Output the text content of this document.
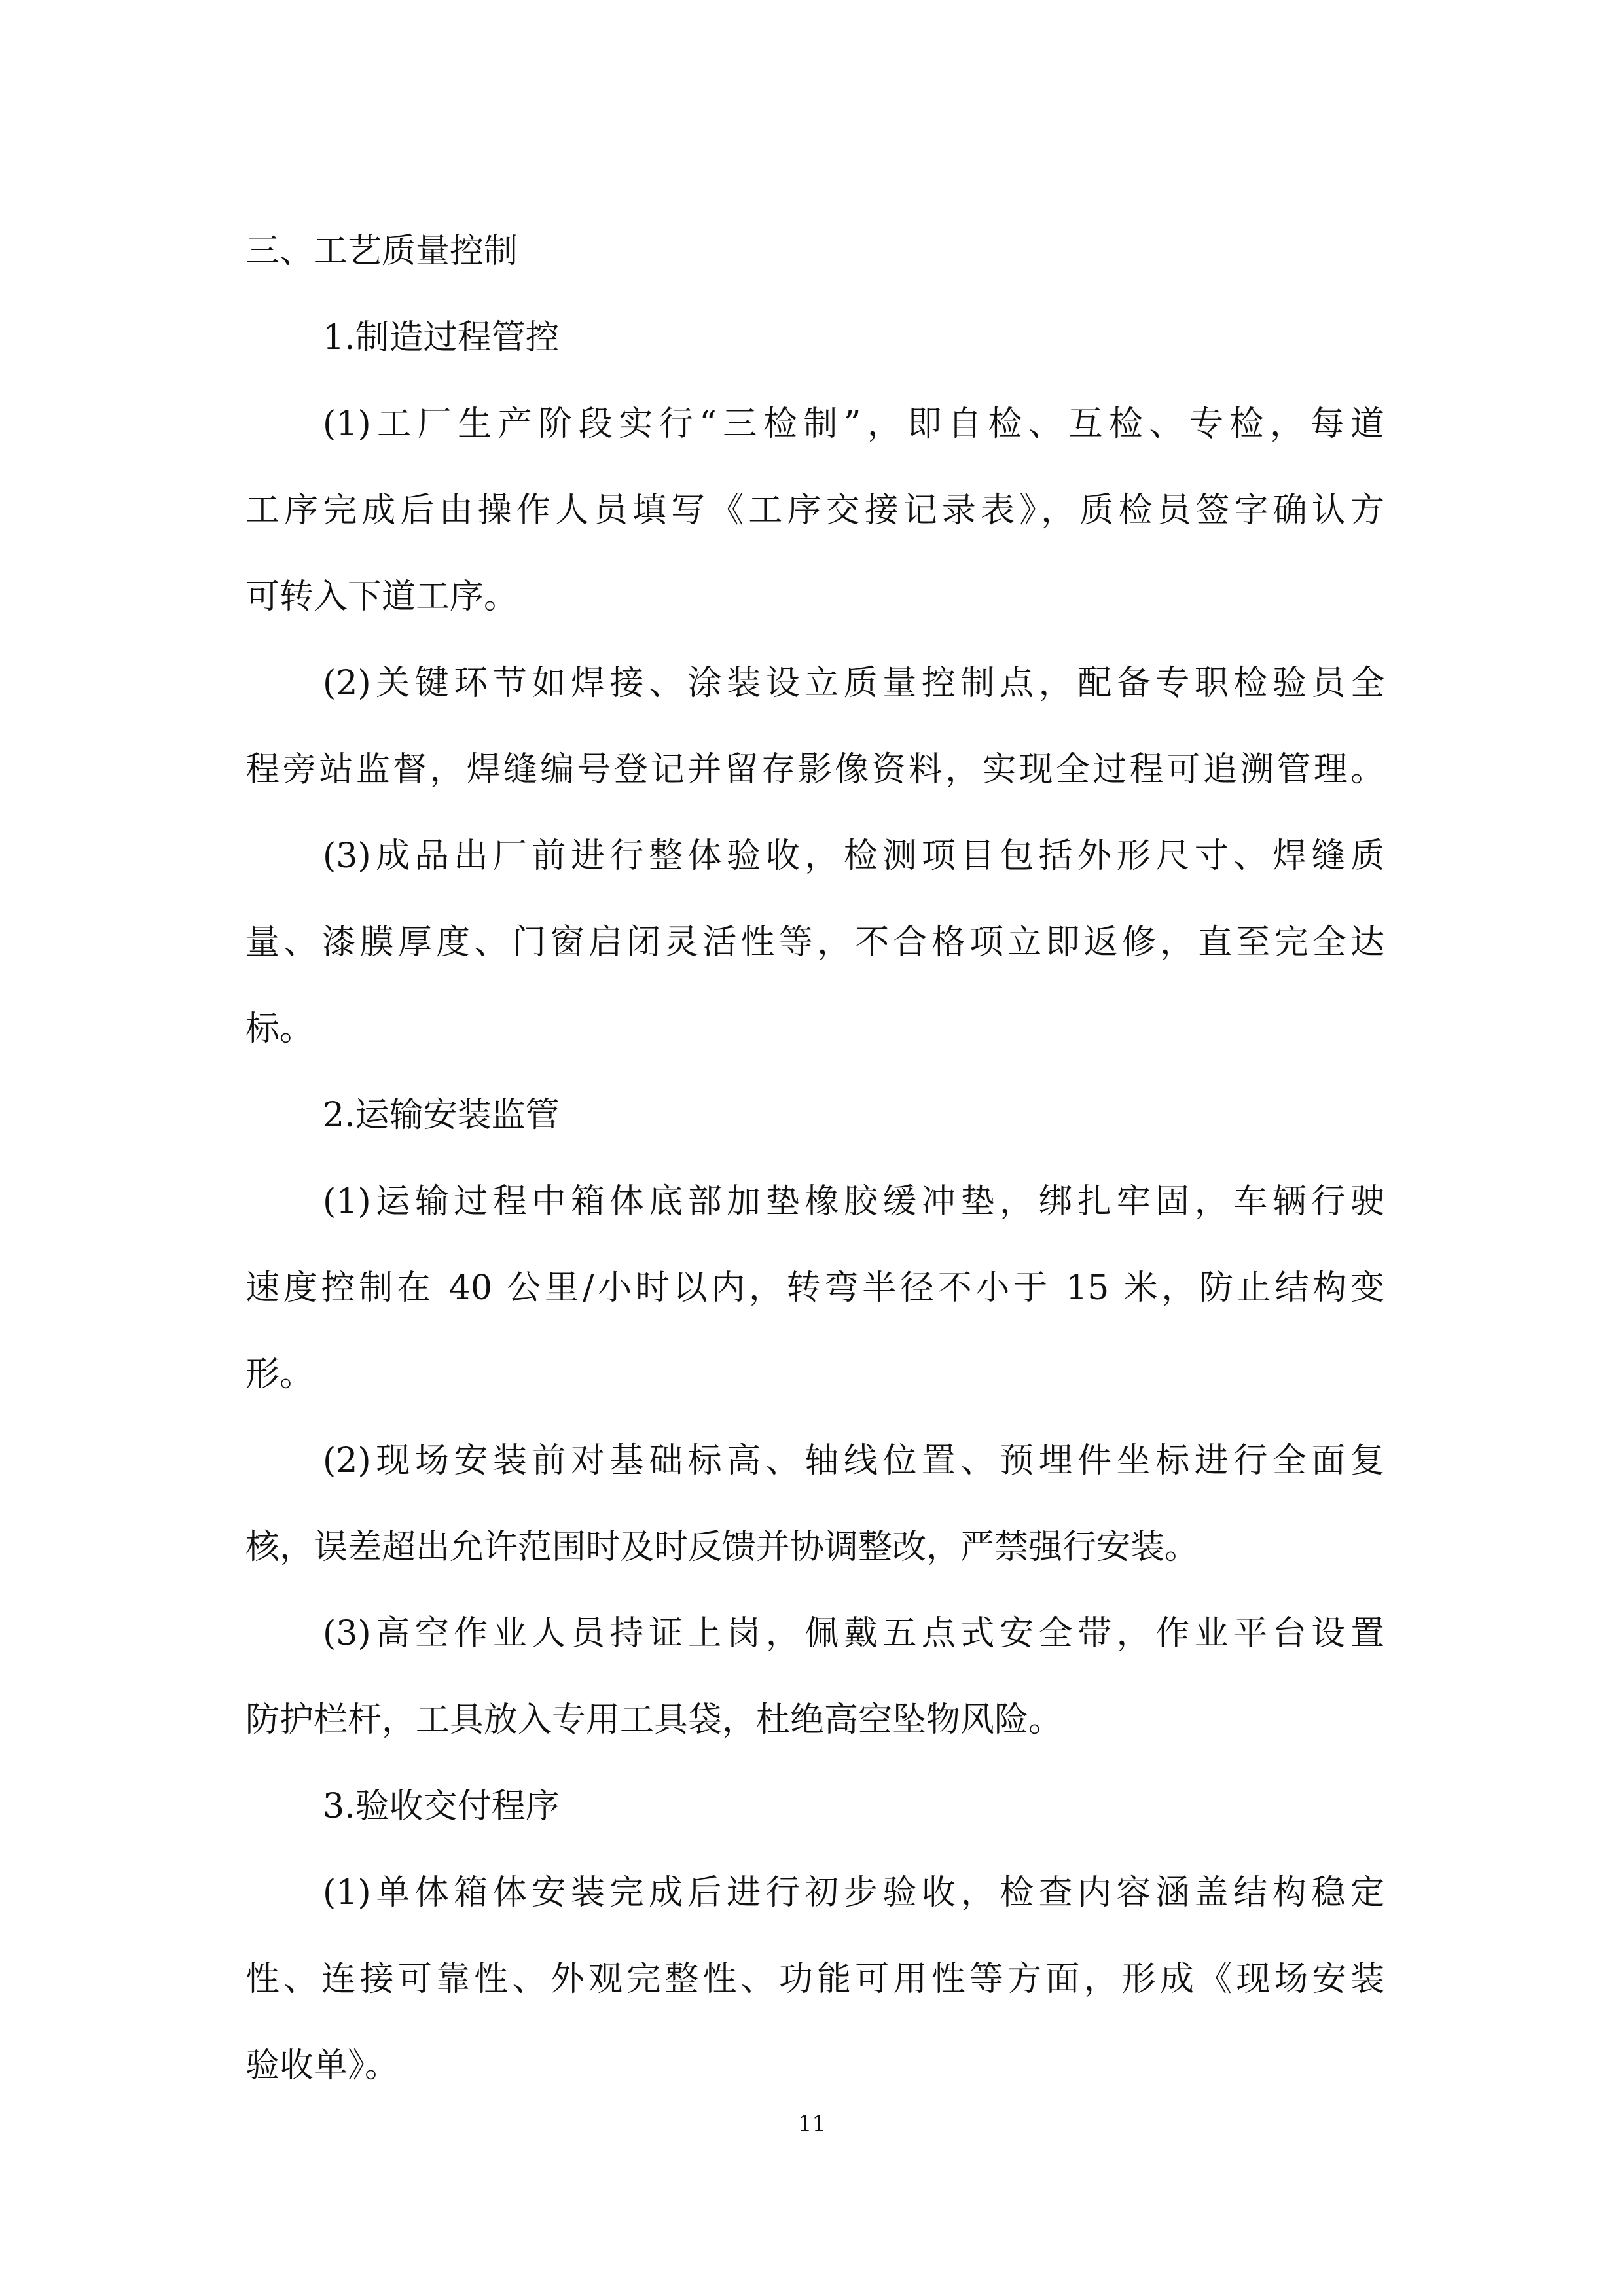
三、工艺质量控制
1.制造过程管控
(1)工厂生产阶段实行“三检制”，即自检、互检、专检，每道
工序完成后由操作人员填写《工序交接记录表》，质检员签字确认方
可转入下道工序。
(2)关键环节如焊接、涂装设立质量控制点，配备专职检验员全
程旁站监督，焊缝编号登记并留存影像资料，实现全过程可追溯管理。
(3)成品出厂前进行整体验收，检测项目包括外形尺寸、焊缝质
量、漆膜厚度、门窗启闭灵活性等，不合格项立即返修，直至完全达
标。
2.运输安装监管
(1)运输过程中箱体底部加垫橡胶缓冲垫，绑扎牢固，车辆行驶
速度控制在 40 公里/小时以内，转弯半径不小于 15 米，防止结构变
形。
(2)现场安装前对基础标高、轴线位置、预埋件坐标进行全面复
核，误差超出允许范围时及时反馈并协调整改，严禁强行安装。
(3)高空作业人员持证上岗，佩戴五点式安全带，作业平台设置
防护栏杆，工具放入专用工具袋，杜绝高空坠物风险。
3.验收交付程序
(1)单体箱体安装完成后进行初步验收，检查内容涵盖结构稳定
性、连接可靠性、外观完整性、功能可用性等方面，形成《现场安装
验收单》。
11
